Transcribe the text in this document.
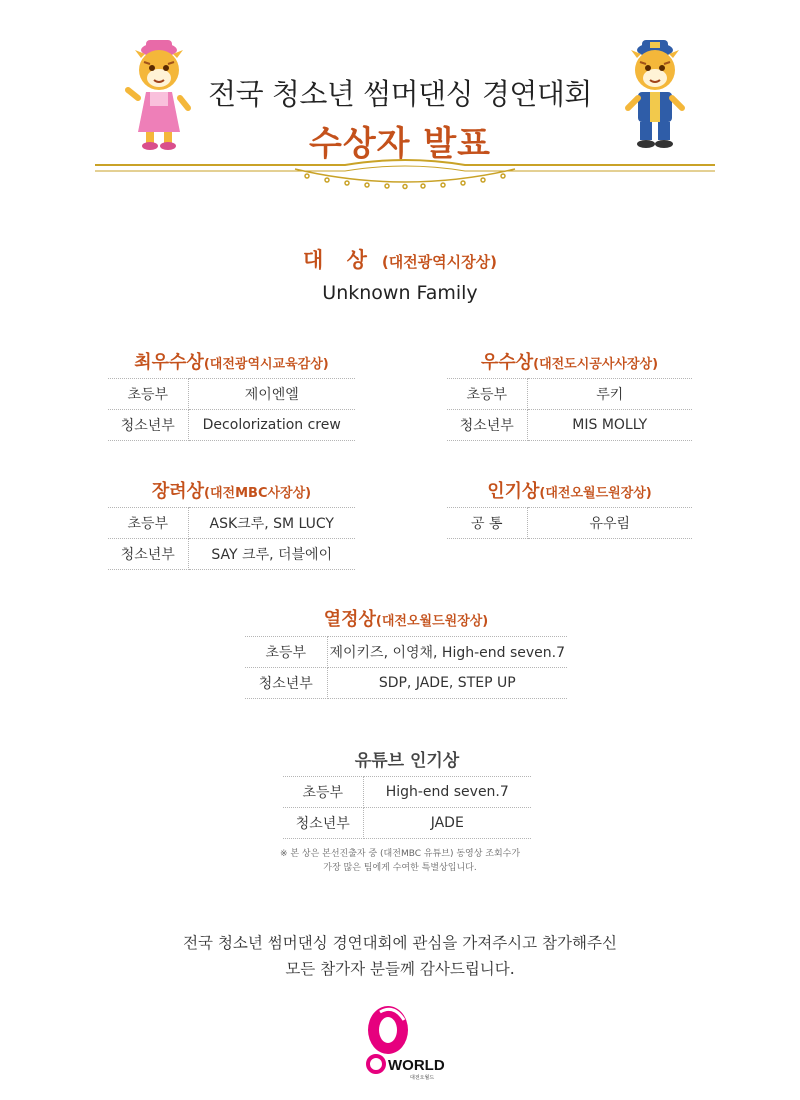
전국 청소년 썸머댄싱 경연대회
수상자 발표
대 상 (대전광역시장상)
Unknown Family
최우수상(대전광역시교육감상)
초등부	제이엔엘
청소년부	Decolorization crew
우수상(대전도시공사사장상)
초등부	루키
청소년부	MIS MOLLY
장려상(대전MBC사장상)
초등부	ASK크루, SM LUCY
청소년부	SAY 크루, 더블에이
인기상(대전오월드원장상)
공 통	유우림
열정상(대전오월드원장상)
초등부	제이키즈, 이영채, High-end seven.7
청소년부	SDP, JADE, STEP UP
유튜브 인기상
초등부	High-end seven.7
청소년부	JADE
※ 본 상은 본선진출자 중 (대전MBC 유튜브) 동영상 조회수가
가장 많은 팀에게 수여한 특별상입니다.
전국 청소년 썸머댄싱 경연대회에 관심을 가져주시고 참가해주신
모든 참가자 분들께 감사드립니다.
WORLD
대전오월드
